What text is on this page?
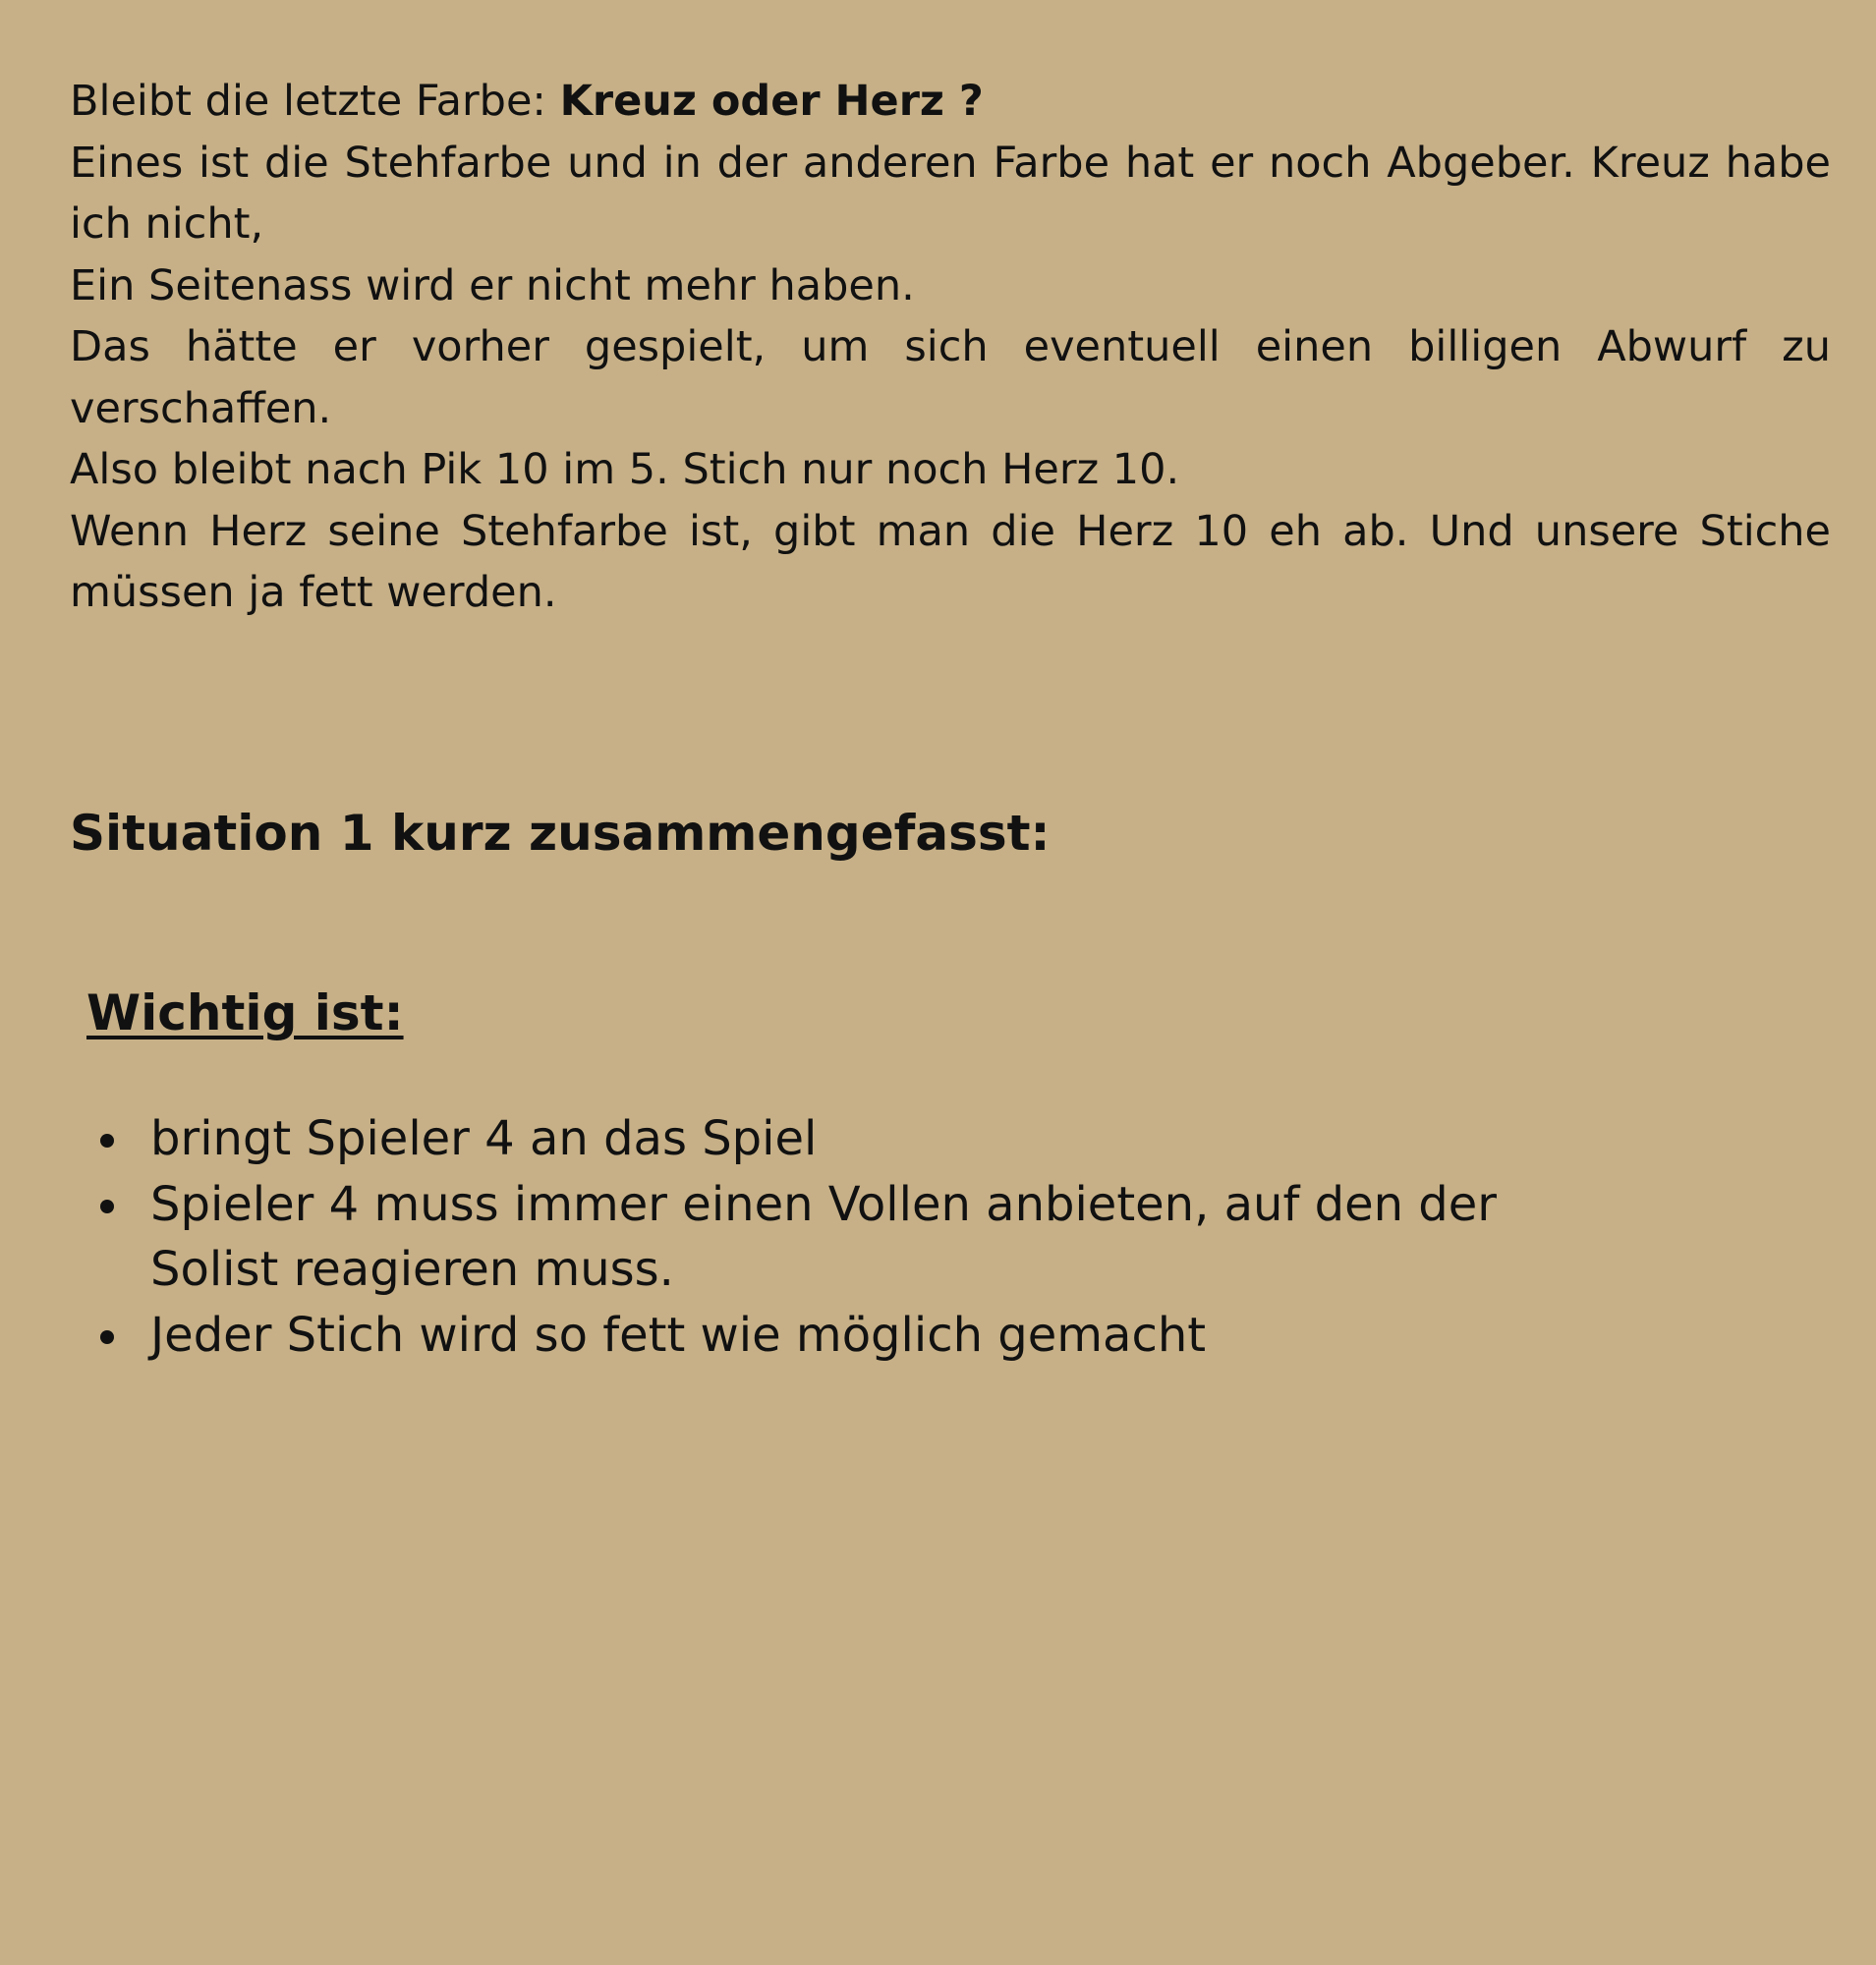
Bleibt die letzte Farbe: Kreuz oder Herz ?

Eines ist die Stehfarbe und in der anderen Farbe hat er noch Abgeber. Kreuz habe ich nicht,

Ein Seitenass wird er nicht mehr haben.

Das hätte er vorher gespielt, um sich eventuell einen billigen Abwurf zu verschaffen.

Also bleibt nach Pik 10 im 5. Stich nur noch Herz 10.

Wenn Herz seine Stehfarbe ist, gibt man die Herz 10 eh ab. Und unsere Stiche müssen ja fett werden.

Situation 1 kurz zusammengefasst:
Wichtig ist:
bringt Spieler 4 an das Spiel
Spieler 4 muss immer einen Vollen anbieten, auf den der Solist reagieren muss.
Jeder Stich wird so fett wie möglich gemacht
